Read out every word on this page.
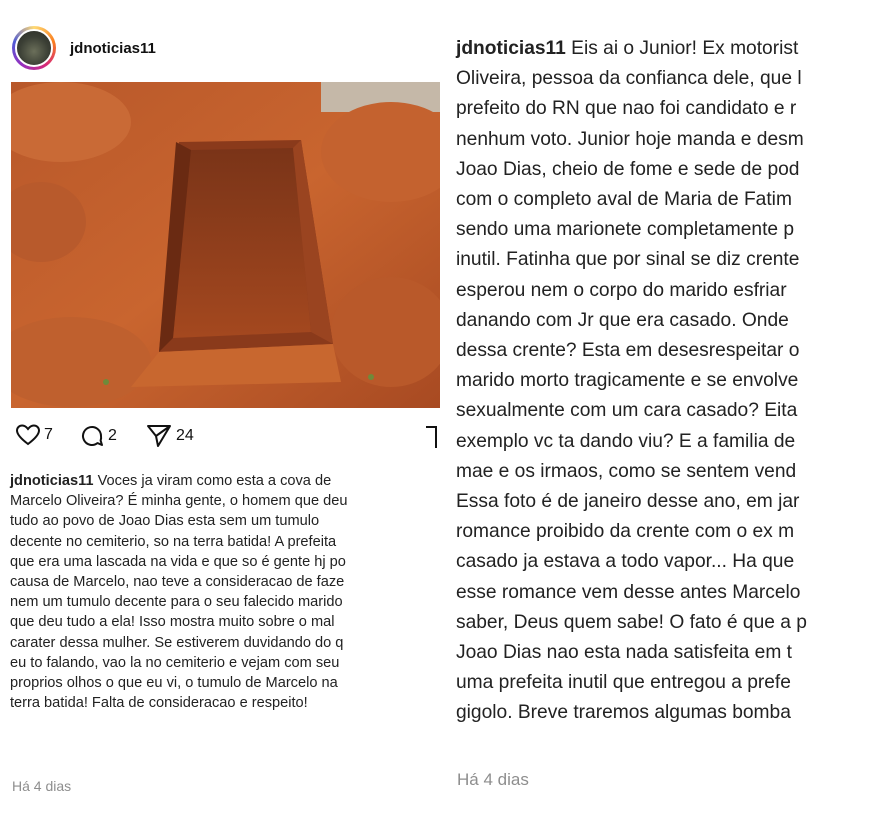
jdnoticias11
7	2	24
jdnoticias11 Voces ja viram como esta a cova de
Marcelo Oliveira? É minha gente, o homem que deu
tudo ao povo de Joao Dias esta sem um tumulo
decente no cemiterio, so na terra batida! A prefeita
que era uma lascada na vida e que so é gente hj po
causa de Marcelo, nao teve a consideracao de faze
nem um tumulo decente para o seu falecido marido
que deu tudo a ela! Isso mostra muito sobre o mal
carater dessa mulher. Se estiverem duvidando do q
eu to falando, vao la no cemiterio e vejam com seu
proprios olhos o que eu vi, o tumulo de Marcelo na
terra batida! Falta de consideracao e respeito!
Há 4 dias
jdnoticias11 Eis ai o Junior! Ex motorist
Oliveira, pessoa da confianca dele, que l
prefeito do RN que nao foi candidato e r
nenhum voto. Junior hoje manda e desm
Joao Dias, cheio de fome e sede de pod
com o completo aval de Maria de Fatim
sendo uma marionete completamente p
inutil. Fatinha que por sinal se diz crente
esperou nem o corpo do marido esfriar
danando com Jr que era casado. Onde
dessa crente? Esta em desesrespeitar o
marido morto tragicamente e se envolve
sexualmente com um cara casado? Eita
exemplo vc ta dando viu? E a familia de
mae e os irmaos, como se sentem vend
Essa foto é de janeiro desse ano, em jar
romance proibido da crente com o ex m
casado ja estava a todo vapor... Ha que
esse romance vem desse antes Marcelo
saber, Deus quem sabe! O fato é que a p
Joao Dias nao esta nada satisfeita em t
uma prefeita inutil que entregou a prefe
gigolo. Breve traremos algumas bomba
Há 4 dias
